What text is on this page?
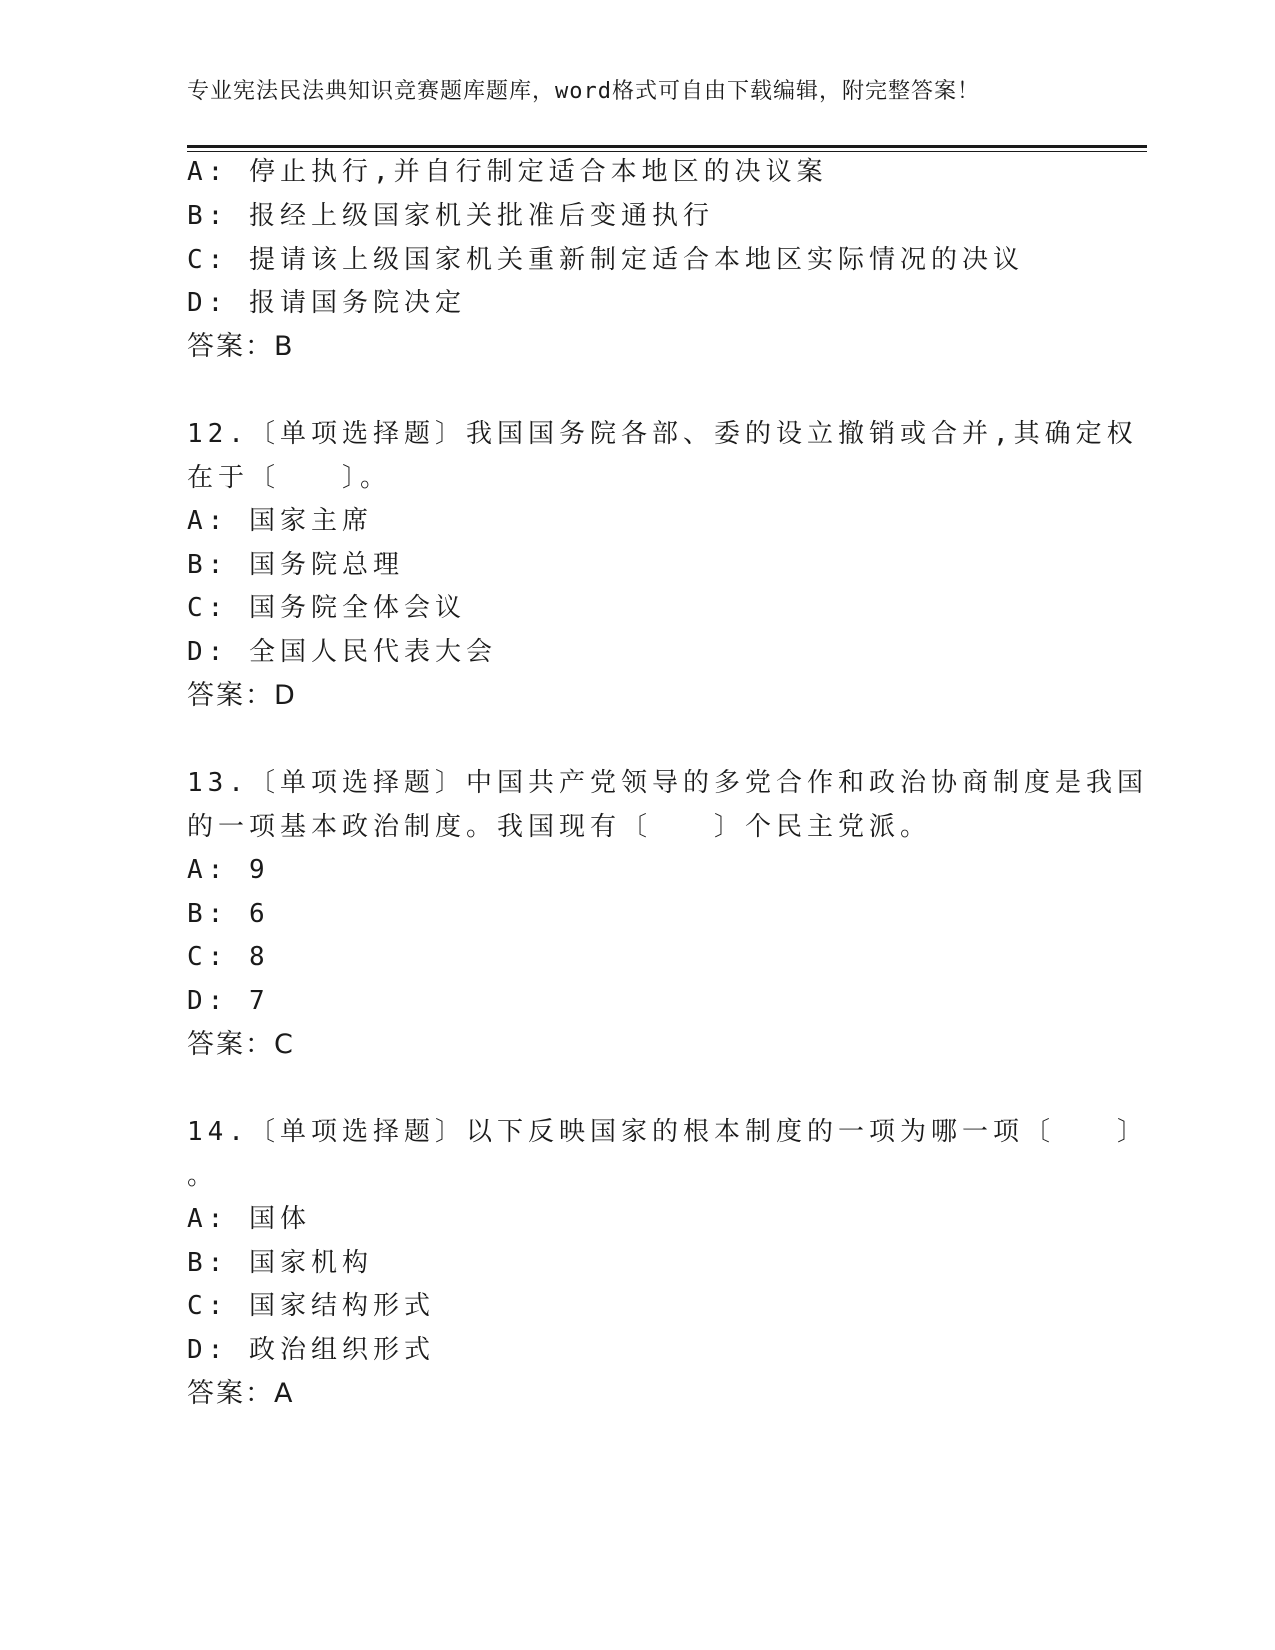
专业宪法民法典知识竞赛题库题库，word格式可自由下载编辑，附完整答案！
A: 停止执行,并自行制定适合本地区的决议案
B: 报经上级国家机关批准后变通执行
C: 提请该上级国家机关重新制定适合本地区实际情况的决议
D: 报请国务院决定
答案：B
12.〔单项选择题〕我国国务院各部、委的设立撤销或合并,其确定权
在于〔　　〕。
A: 国家主席
B: 国务院总理
C: 国务院全体会议
D: 全国人民代表大会
答案：D
13.〔单项选择题〕中国共产党领导的多党合作和政治协商制度是我国
的一项基本政治制度。我国现有〔　　〕个民主党派。
A: 9
B: 6
C: 8
D: 7
答案：C
14.〔单项选择题〕以下反映国家的根本制度的一项为哪一项〔　　〕
。
A: 国体
B: 国家机构
C: 国家结构形式
D: 政治组织形式
答案：A
